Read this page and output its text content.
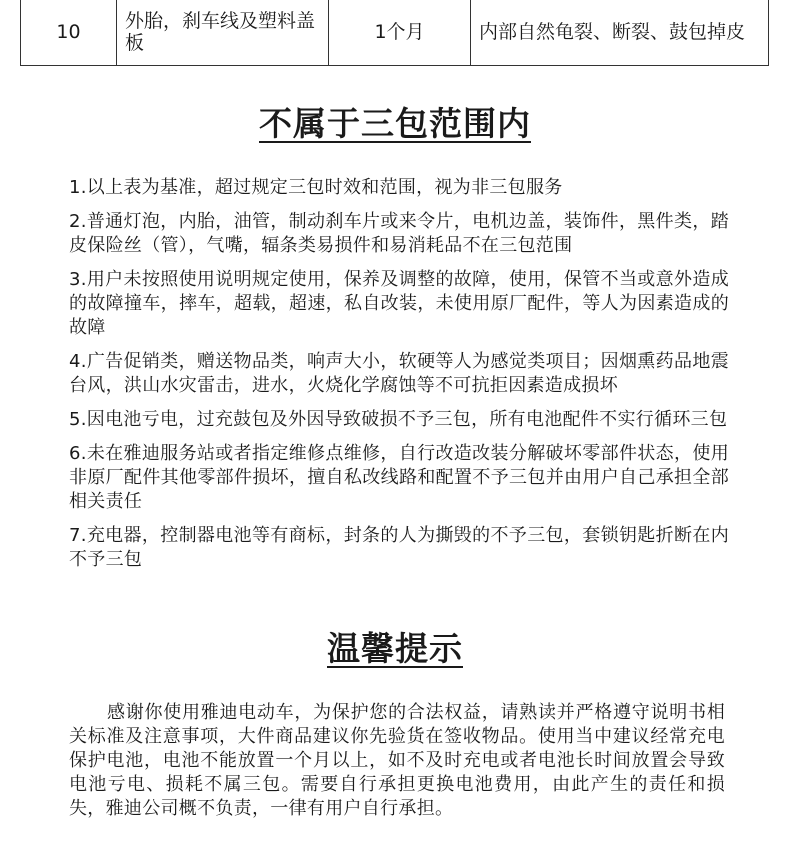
10	外胎，刹车线及塑料盖板	1个月	内部自然龟裂、断裂、鼓包掉皮
不属于三包范围内
1.以上表为基准，超过规定三包时效和范围，视为非三包服务
2.普通灯泡，内胎，油管，制动刹车片或来令片，电机边盖，装饰件，黑件类，踏皮保险丝（管），气嘴，辐条类易损件和易消耗品不在三包范围
3.用户未按照使用说明规定使用，保养及调整的故障，使用，保管不当或意外造成的故障撞车，摔车，超载，超速，私自改装，未使用原厂配件，等人为因素造成的故障
4.广告促销类，赠送物品类，响声大小，软硬等人为感觉类项目；因烟熏药品地震台风，洪山水灾雷击，进水，火烧化学腐蚀等不可抗拒因素造成损坏
5.因电池亏电，过充鼓包及外因导致破损不予三包，所有电池配件不实行循环三包
6.未在雅迪服务站或者指定维修点维修，自行改造改装分解破坏零部件状态，使用非原厂配件其他零部件损坏，擅自私改线路和配置不予三包并由用户自己承担全部相关责任
7.充电器，控制器电池等有商标，封条的人为撕毁的不予三包，套锁钥匙折断在内 不予三包
温馨提示

感谢你使用雅迪电动车，为保护您的合法权益，请熟读并严格遵守说明书相关标准及注意事项，大件商品建议你先验货在签收物品。使用当中建议经常充电保护电池，电池不能放置一个月以上，如不及时充电或者电池长时间放置会导致电池亏电、损耗不属三包。需要自行承担更换电池费用，由此产生的责任和损失，雅迪公司概不负责，一律有用户自行承担。
